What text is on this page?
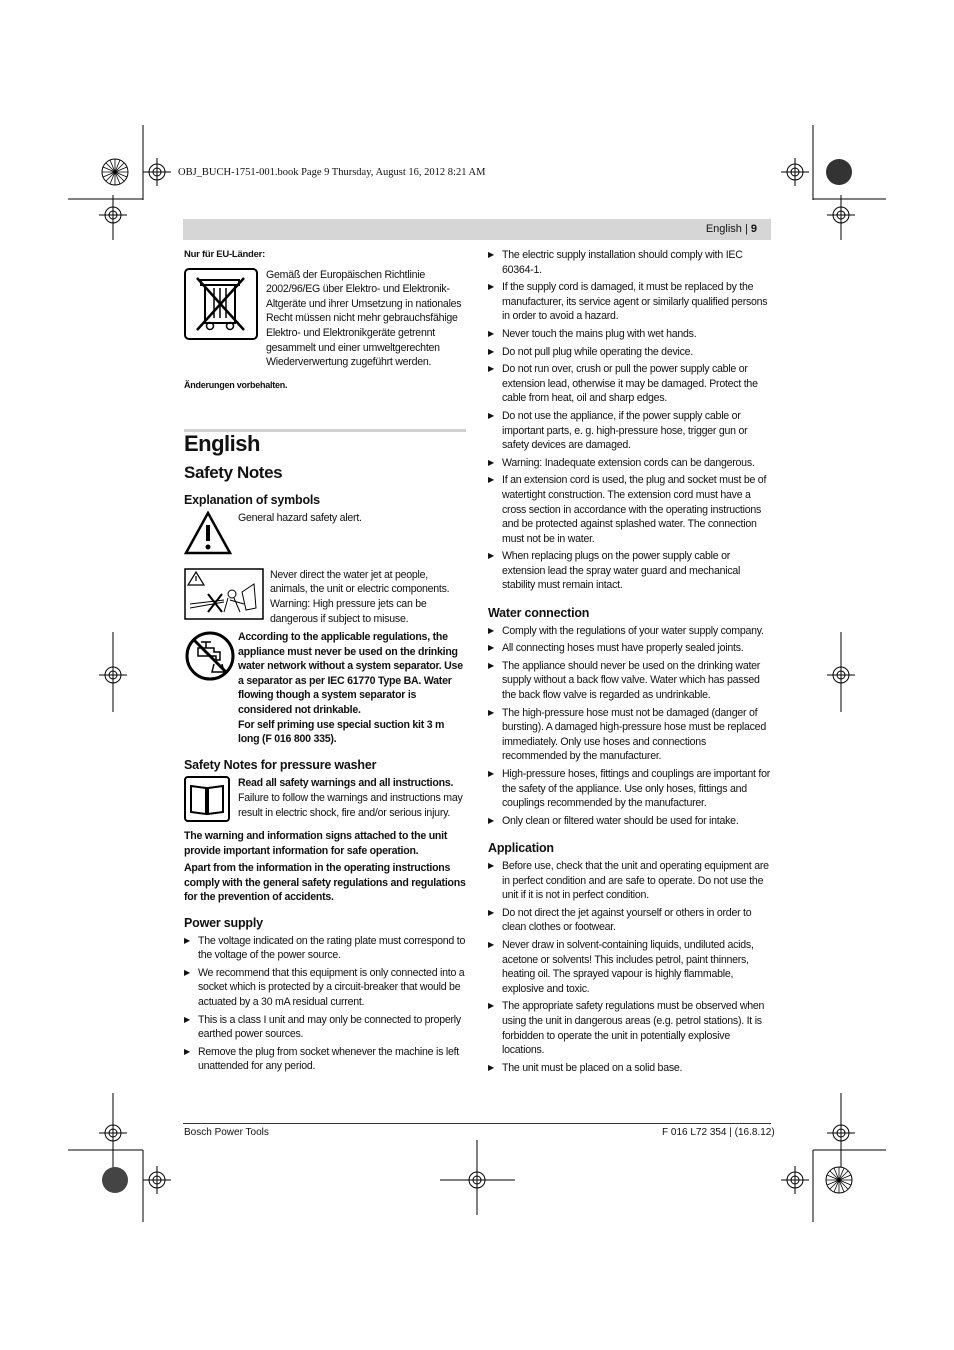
OBJ_BUCH-1751-001.book Page 9 Thursday, August 16, 2012 8:21 AM
English | 9

Nur für EU-Länder:

Gemäß der Europäischen Richtlinie 2002/96/EG über Elektro- und Elektronik-Altgeräte und ihrer Umsetzung in nationales Recht müssen nicht mehr gebrauchsfähige Elektro- und Elektronikgeräte getrennt gesammelt und einer umweltgerechten Wiederverwertung zugeführt werden.

Änderungen vorbehalten.

English
Safety Notes
Explanation of symbols

General hazard safety alert.

Never direct the water jet at people, animals, the unit or electric components. Warning: High pressure jets can be dangerous if subject to misuse.

According to the applicable regulations, the appliance must never be used on the drinking water network without a system separator. Use a separator as per IEC 61770 Type BA. Water flowing though a system separator is considered not drinkable.

For self priming use special suction kit 3 m long (F 016 800 335).

Safety Notes for pressure washer

Read all safety warnings and all instructions.

Failure to follow the warnings and instructions may result in electric shock, fire and/or serious injury.

The warning and information signs attached to the unit provide important information for safe operation.

Apart from the information in the operating instructions comply with the general safety regulations and regulations for the prevention of accidents.

Power supply
▶ The voltage indicated on the rating plate must correspond to the voltage of the power source.
▶ We recommend that this equipment is only connected into a socket which is protected by a circuit-breaker that would be actuated by a 30 mA residual current.
▶ This is a class I unit and may only be connected to properly earthed power sources.
▶ Remove the plug from socket whenever the machine is left unattended for any period.
▶ The electric supply installation should comply with IEC 60364-1.
▶ If the supply cord is damaged, it must be replaced by the manufacturer, its service agent or similarly qualified persons in order to avoid a hazard.
▶ Never touch the mains plug with wet hands.
▶ Do not pull plug while operating the device.
▶ Do not run over, crush or pull the power supply cable or extension lead, otherwise it may be damaged. Protect the cable from heat, oil and sharp edges.
▶ Do not use the appliance, if the power supply cable or important parts, e. g. high-pressure hose, trigger gun or safety devices are damaged.
▶ Warning: Inadequate extension cords can be dangerous.
▶ If an extension cord is used, the plug and socket must be of watertight construction. The extension cord must have a cross section in accordance with the operating instructions and be protected against splashed water. The connection must not be in water.
▶ When replacing plugs on the power supply cable or extension lead the spray water guard and mechanical stability must remain intact.
Water connection
▶ Comply with the regulations of your water supply company.
▶ All connecting hoses must have properly sealed joints.
▶ The appliance should never be used on the drinking water supply without a back flow valve. Water which has passed the back flow valve is regarded as undrinkable.
▶ The high-pressure hose must not be damaged (danger of bursting). A damaged high-pressure hose must be replaced immediately. Only use hoses and connections recommended by the manufacturer.
▶ High-pressure hoses, fittings and couplings are important for the safety of the appliance. Use only hoses, fittings and couplings recommended by the manufacturer.
▶ Only clean or filtered water should be used for intake.
Application
▶ Before use, check that the unit and operating equipment are in perfect condition and are safe to operate. Do not use the unit if it is not in perfect condition.
▶ Do not direct the jet against yourself or others in order to clean clothes or footwear.
▶ Never draw in solvent-containing liquids, undiluted acids, acetone or solvents! This includes petrol, paint thinners, heating oil. The sprayed vapour is highly flammable, explosive and toxic.
▶ The appropriate safety regulations must be observed when using the unit in dangerous areas (e.g. petrol stations). It is forbidden to operate the unit in potentially explosive locations.
▶ The unit must be placed on a solid base.
Bosch Power Tools	F 016 L72 354 | (16.8.12)
